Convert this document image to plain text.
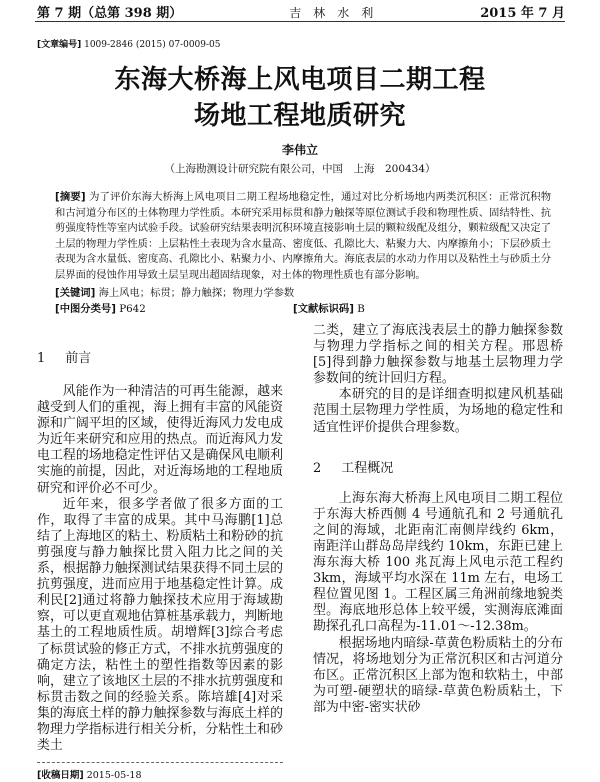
第 7 期（总第 398 期）	吉　林　水　利	2015 年 7 月
[文章编号] 1009-2846 (2015) 07-0009-05
东海大桥海上风电项目二期工程
场地工程地质研究
李伟立
（上海勘测设计研究院有限公司，中国　上海　200434）
[摘要] 为了评价东海大桥海上风电项目二期工程场地稳定性，通过对比分析场地内两类沉积区：正常沉积物和古河道分布区的土体物理力学性质。本研究采用标贯和静力触探等原位测试手段和物理性质、固结特性、抗剪强度特性等室内试验手段。试验研究结果表明沉积环境直接影响土层的颗粒级配及组分，颗粒级配又决定了土层的物理力学性质：上层粘性土表现为含水量高、密度低、孔隙比大、粘聚力大、内摩擦角小；下层砂质土表现为含水量低、密度高、孔隙比小、粘聚力小、内摩擦角大。海底表层的水动力作用以及粘性土与砂质土分层界面的侵蚀作用导致土层呈现出超固结现象，对土体的物理性质也有部分影响。
[关键词] 海上风电；标贯；静力触探；物理力学参数
[中图分类号] P642	[文献标识码] B
1 前言

风能作为一种清洁的可再生能源，越来越受到人们的重视，海上拥有丰富的风能资源和广阔平坦的区域，使得近海风力发电成为近年来研究和应用的热点。而近海风力发电工程的场地稳定性评估又是确保风电顺利实施的前提，因此，对近海场地的工程地质研究和评价必不可少。

近年来，很多学者做了很多方面的工作，取得了丰富的成果。其中马海鹏[1]总结了上海地区的粘土、粉质粘土和粉砂的抗剪强度与静力触探比贯入阻力比之间的关系，根据静力触探测试结果获得不同土层的抗剪强度，进而应用于地基稳定性计算。成利民[2]通过将静力触探技术应用于海域勘察，可以更直观地估算桩基承载力，判断地基土的工程地质性质。胡增辉[3]综合考虑了标贯试验的修正方式，不排水抗剪强度的确定方法，粘性土的塑性指数等因素的影响，建立了该地区土层的不排水抗剪强度和标贯击数之间的经验关系。陈培雄[4]对采集的海底土样的静力触探参数与海底土样的物理力学指标进行相关分析，分粘性土和砂类土

[收稿日期] 2015-05-18

二类，建立了海底浅表层土的静力触探参数与物理力学指标之间的相关方程。邢恩桥[5]得到静力触探参数与地基土层物理力学参数间的统计回归方程。

本研究的目的是详细查明拟建风机基础范围土层物理力学性质，为场地的稳定性和适宜性评价提供合理参数。

2 工程概况

上海东海大桥海上风电项目二期工程位于东海大桥西侧 4 号通航孔和 2 号通航孔之间的海域，北距南汇南侧岸线约 6km，南距洋山群岛岛岸线约 10km，东距已建上海东海大桥 100 兆瓦海上风电示范工程约 3km，海域平均水深在 11m 左右，电场工程位置见图 1。工程区属三角洲前缘地貌类型。海底地形总体上较平缓，实测海底滩面勘探孔孔口高程为-11.01～-12.38m。

根据场地内暗绿-草黄色粉质粘土的分布情况，将场地划分为正常沉积区和古河道分布区。正常沉积区上部为饱和软粘土，中部为可塑-硬塑状的暗绿-草黄色粉质粘土，下部为中密-密实状砂
